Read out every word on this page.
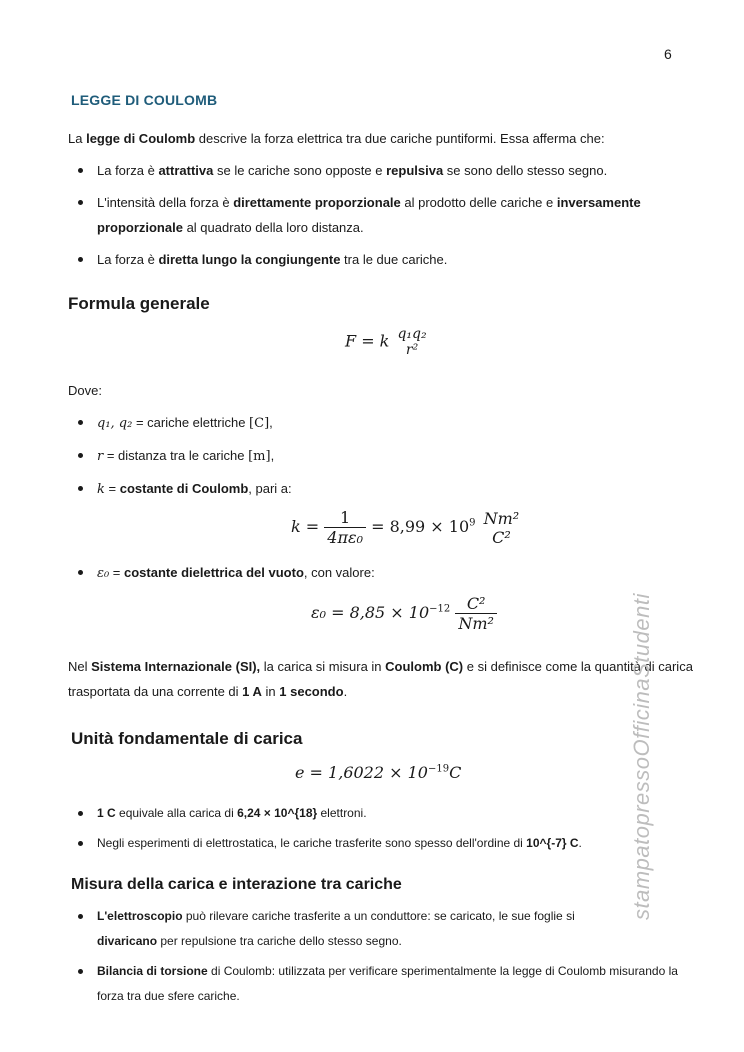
6
LEGGE DI COULOMB
La legge di Coulomb descrive la forza elettrica tra due cariche puntiformi. Essa afferma che:
La forza è attrattiva se le cariche sono opposte e repulsiva se sono dello stesso segno.
L'intensità della forza è direttamente proporzionale al prodotto delle cariche e inversamente proporzionale al quadrato della loro distanza.
La forza è diretta lungo la congiungente tra le due cariche.
Formula generale
F = k q₁q₂
r²
Dove:
q₁, q₂ = cariche elettriche [C],
r = distanza tra le cariche [m],
k = costante di Coulomb, pari a:
$k = \frac{1}{\text{4πε₀}} = 8,99 \times 10^9$ Nm²
C²
ε₀ = costante dielettrica del vuoto, con valore:
$\varepsilon_0 = 8,85 \times 10^{-12} \frac{\text{C²}}{\text{Nm²}}$
Nel Sistema Internazionale (SI), la carica si misura in Coulomb (C) e si definisce come la quantità di carica trasportata da una corrente di 1 A in 1 secondo.
Unità fondamentale di carica
$e = 1,6022 \times 10^{-19}C$
1 C equivale alla carica di 6,24 × 10^{18} elettroni.
Negli esperimenti di elettrostatica, le cariche trasferite sono spesso dell'ordine di 10^{-7} C.
Misura della carica e interazione tra cariche
L'elettroscopio può rilevare cariche trasferite a un conduttore: se caricato, le sue foglie si divaricano per repulsione tra cariche dello stesso segno.
Bilancia di torsione di Coulomb: utilizzata per verificare sperimentalmente la legge di Coulomb misurando la forza tra due sfere cariche.
stampatopressoOfficinaStudenti
